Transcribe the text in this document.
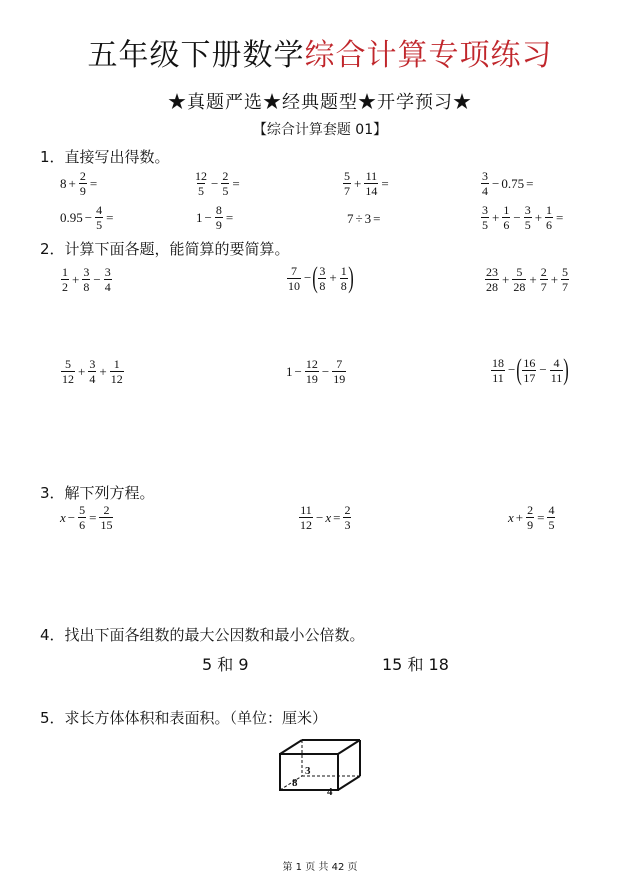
五年级下册数学综合计算专项练习
★真题严选★经典题型★开学预习★
【综合计算套题 01】
1．直接写出得数。
$8 + \frac{2}{9}$ =	$\frac{12}{5} - \frac{2}{5}$ =	$\frac{5}{7} + \frac{11}{14}$ =	$\frac{3}{4} - 0.75$ =
$0.95 - \frac{4}{5}$ =	$1 - \frac{8}{9}$ =	7 ÷ 3 =	$\frac{3}{5} + \frac{1}{6} - \frac{3}{5} + \frac{1}{6}$ =
2．计算下面各题，能简算的要简算。
$\frac{1}{2} + \frac{3}{8} - \frac{3}{4}$	$\frac{7}{10}$ − ( $\frac{3}{8} + \frac{1}{8}$ )	$\frac{23}{28} + \frac{5}{28} + \frac{2}{7} + \frac{5}{7}$
$\frac{5}{12} + \frac{3}{4} + \frac{1}{12}$	$1 - \frac{12}{19} - \frac{7}{19}$	$\frac{18}{11}$ − ( $\frac{16}{17} - \frac{4}{11}$ )
3．解下列方程。
$x - \frac{5}{6} = \frac{2}{15}$	$\frac{11}{12} - x = \frac{2}{3}$	$x + \frac{2}{9} = \frac{4}{5}$
4．找出下面各组数的最大公因数和最小公倍数。
5 和 9	15 和 18
5．求长方体体积和表面积。（单位：厘米）
3
8
4
第 1 页 共 42 页
